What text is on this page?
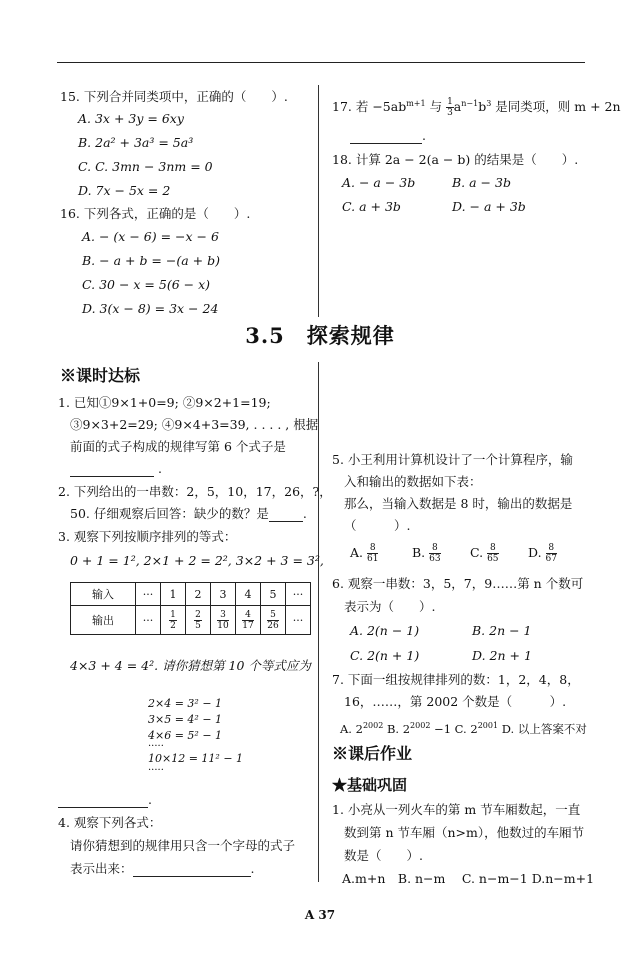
15. 下列合并同类项中，正确的（　　）.
A. 3x + 3y = 6xy
B. 2a² + 3a³ = 5a³
C. C. 3mn − 3nm = 0
D. 7x − 5x = 2
16. 下列各式，正确的是（　　）.
A. − (x − 6) = −x − 6
B. − a + b = −(a + b)
C. 30 − x = 5(6 − x)
D. 3(x − 8) = 3x − 24
17. 若 $-5ab^{m+1}$ 与 $\frac{1}{3} a^{n-1}b^3$ 是同类项，则 m + 2n
.
18. 计算 2a − 2(a − b) 的结果是（　　）.
A. − a − 3b	B. a − 3b
C. a + 3b	D. − a + 3b
3.5　探索规律
※课时达标
1. 已知①9×1+0=9; ②9×2+1=19;
③9×3+2=29; ④9×4+3=39, . . . . , 根据
前面的式子构成的规律写第 6 个式子是
.
2. 下列给出的一串数：2，5，10，17，26，?，
50. 仔细观察后回答：缺少的数？是	.
3. 观察下列按顺序排列的等式：
0 + 1 = 1², 2×1 + 2 = 2², 3×2 + 3 = 3²,
输入	···	1	2	3	4	5	···
输出	···	$\frac{1}{2}$	$\frac{2}{5}$	$\frac{3}{10}$	$\frac{4}{17}$	$\frac{5}{26}$	···
4×3 + 4 = 4². 请你猜想第 10 个等式应为
2×4 = 3² − 1
3×5 = 4² − 1
4×6 = 5² − 1
·····
10×12 = 11² − 1
·····
.
4. 观察下列各式：
请你猜想到的规律用只含一个字母的式子
表示出来：	.
5. 小王利用计算机设计了一个计算程序，输
入和输出的数据如下表：
那么，当输入数据是 8 时，输出的数据是
（　　　）.
A. $\frac{8}{61}$	B. $\frac{8}{63} C$. $\frac{8}{65} D$. $\frac{8}{67}$
6. 观察一串数：3，5，7，9……第 n 个数可
表示为（　　）.
A. 2(n − 1)	B. 2n − 1
C. 2(n + 1)	D. 2n + 1
7. 下面一组按规律排列的数：1，2，4，8，
16，……，第 2002 个数是（　　　）.
A. $2^{2002}$ B. $2^{2002} -1$ C. $2^{2001}$ D. 以上答案不对
※课后作业
★基础巩固
1. 小亮从一列火车的第 m 节车厢数起，一直
数到第 n 节车厢（n>m），他数过的车厢节
数是（　　）.
A.m+n　B. n−m　 C. n−m−1 D.n−m+1
A 37
